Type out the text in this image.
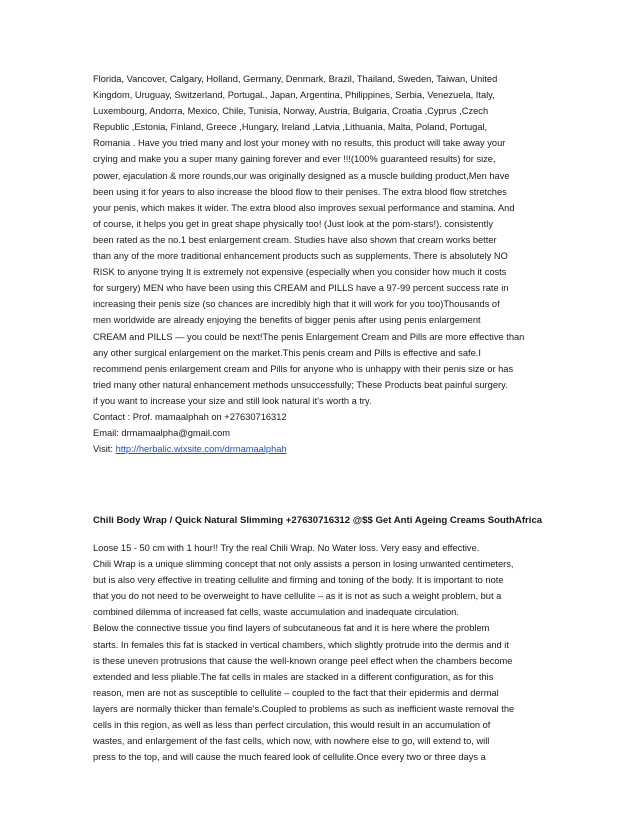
Florida, Vancover, Calgary, Holland, Germany, Denmark, Brazil, Thailand, Sweden, Taiwan, United
Kingdom, Uruguay, Switzerland, Portugal., Japan, Argentina, Philippines, Serbia, Venezuela, Italy,
Luxembourg, Andorra, Mexico, Chile, Tunisia, Norway, Austria, Bulgaria, Croatia ,Cyprus ,Czech
Republic ,Estonia, Finland, Greece ,Hungary, Ireland ,Latvia ,Lithuania, Malta, Poland, Portugal,
Romania . Have you tried many and lost your money with no results, this product will take away your
crying and make you a super many gaining forever and ever !!!(100% guaranteed results) for size,
power, ejaculation & more rounds,our was originally designed as a muscle building product,Men have
been using it for years to also increase the blood flow to their penises. The extra blood flow stretches
your penis, which makes it wider. The extra blood also improves sexual performance and stamina. And
of course, it helps you get in great shape physically too! (Just look at the pom-stars!). consistently
been rated as the no.1 best enlargement cream. Studies have also shown that cream works better
than any of the more traditional enhancement products such as supplements. There is absolutely NO
RISK to anyone trying It is extremely not expensive (especially when you consider how much it costs
for surgery) MEN who have been using this CREAM and PILLS have a 97-99 percent success rate in
increasing their penis size (so chances are incredibly high that it will work for you too)Thousands of
men worldwide are already enjoying the benefits of bigger penis after using penis enlargement
CREAM and PILLS — you could be next!The penis Enlargement Cream and Pills are more effective than
any other surgical enlargement on the market.This penis cream and Pills is effective and safe.I
recommend penis enlargement cream and Pills for anyone who is unhappy with their penis size or has
tried many other natural enhancement methods unsuccessfully; These Products beat painful surgery.
if you want to increase your size and still look natural it's worth a try.
Contact : Prof. mamaalphah on +27630716312
Email: drmamaalpha@gmail.com
Visit: http://herbalic.wixsite.com/drmamaalphah
Chili Body Wrap / Quick Natural Slimming +27630716312 @$$ Get Anti Ageing Creams SouthAfrica
Loose 15 - 50 cm with 1 hour!! Try the real Chili Wrap. No Water loss. Very easy and effective.
Chili Wrap is a unique slimming concept that not only assists a person in losing unwanted centimeters,
but is also very effective in treating cellulite and firming and toning of the body. It is important to note
that you do not need to be overweight to have cellulite – as it is not as such a weight problem, but a
combined dilemma of increased fat cells, waste accumulation and inadequate circulation.
Below the connective tissue you find layers of subcutaneous fat and it is here where the problem
starts. In females this fat is stacked in vertical chambers, which slightly protrude into the dermis and it
is these uneven protrusions that cause the well-known orange peel effect when the chambers become
extended and less pliable.The fat cells in males are stacked in a different configuration, as for this
reason, men are not as susceptible to cellulite – coupled to the fact that their epidermis and dermal
layers are normally thicker than female's.Coupled to problems as such as inefficient waste removal the
cells in this region, as well as less than perfect circulation, this would result in an accumulation of
wastes, and enlargement of the fast cells, which now, with nowhere else to go, will extend to, will
press to the top, and will cause the much feared look of cellulite.Once every two or three days a
